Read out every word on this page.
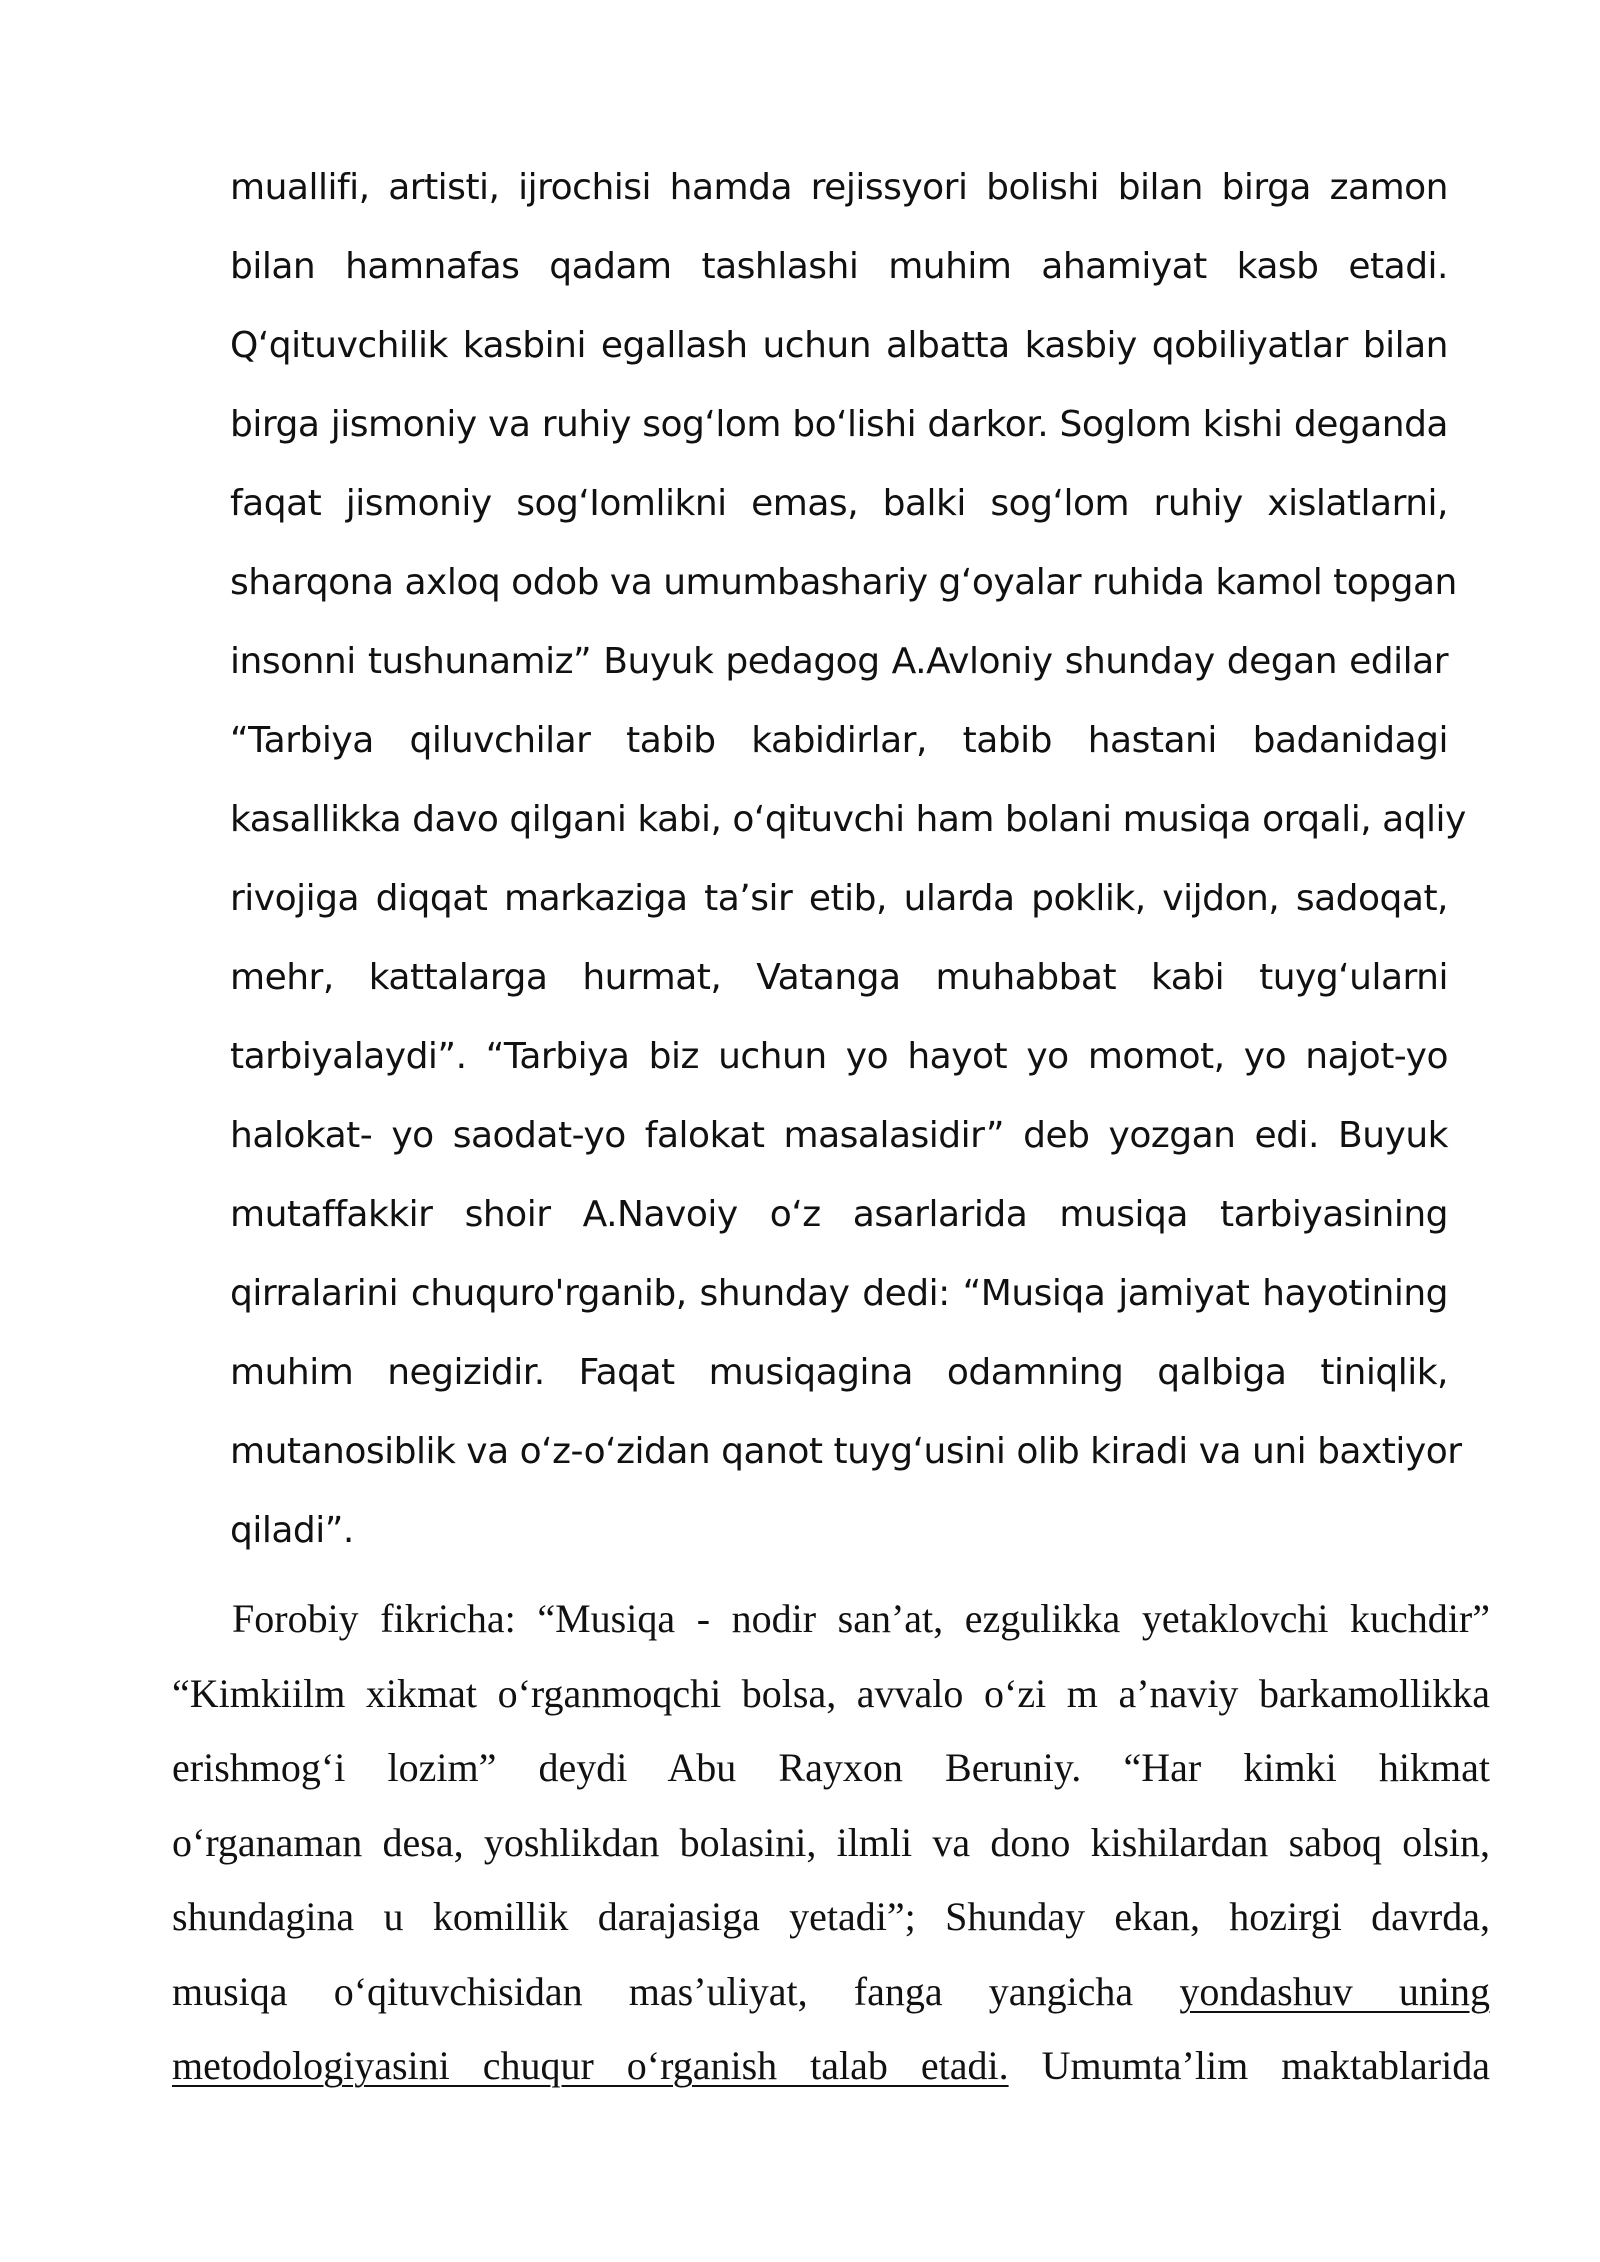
muallifi, artisti, ijrochisi hamda rejissyori bolishi bilan birga zamon
bilan hamnafas qadam tashlashi muhim ahamiyat kasb etadi.
Q‘qituvchilik kasbini egallash uchun albatta kasbiy qobiliyatlar bilan
birga jismoniy va ruhiy sog‘lom bo‘lishi darkor. Soglom kishi deganda
faqat jismoniy sog‘Iomlikni emas, balki sog‘lom ruhiy xislatlarni,
sharqona axloq odob va umumbashariy g‘oyalar ruhida kamol topgan
insonni tushunamiz” Buyuk pedagog A.Avloniy shunday degan edilar
“Tarbiya qiluvchilar tabib kabidirlar, tabib hastani badanidagi
kasallikka davo qilgani kabi, o‘qituvchi ham bolani musiqa orqali, aqliy
rivojiga diqqat markaziga ta’sir etib, ularda poklik, vijdon, sadoqat,
mehr, kattalarga hurmat, Vatanga muhabbat kabi tuyg‘ularni
tarbiyalaydi”. “Tarbiya biz uchun yo hayot yo momot, yo najot-yo
halokat- yo saodat-yo falokat masalasidir” deb yozgan edi. Buyuk
mutaffakkir shoir A.Navoiy o‘z asarlarida musiqa tarbiyasining
qirralarini chuquro'rganib, shunday dedi: “Musiqa jamiyat hayotining
muhim negizidir. Faqat musiqagina odamning qalbiga tiniqlik,
mutanosiblik va o‘z-o‘zidan qanot tuyg‘usini olib kiradi va uni baxtiyor
qiladi”.
Forobiy fikricha: “Musiqa - nodir san’at, ezgulikka yetaklovchi kuchdir”
“Kimkiilm xikmat o‘rganmoqchi bolsa, avvalo o‘zi m a’naviy barkamollikka
erishmog‘i lozim” deydi Abu Rayxon Beruniy. “Har kimki hikmat
o‘rganaman desa, yoshlikdan bolasini, ilmli va dono kishilardan saboq olsin,
shundagina u komillik darajasiga yetadi”; Shunday ekan, hozirgi davrda,
musiqa o‘qituvchisidan mas’uliyat, fanga yangicha yondashuv uning
metodologiyasini chuqur o‘rganish talab etadi. Umumta’lim maktablarida
